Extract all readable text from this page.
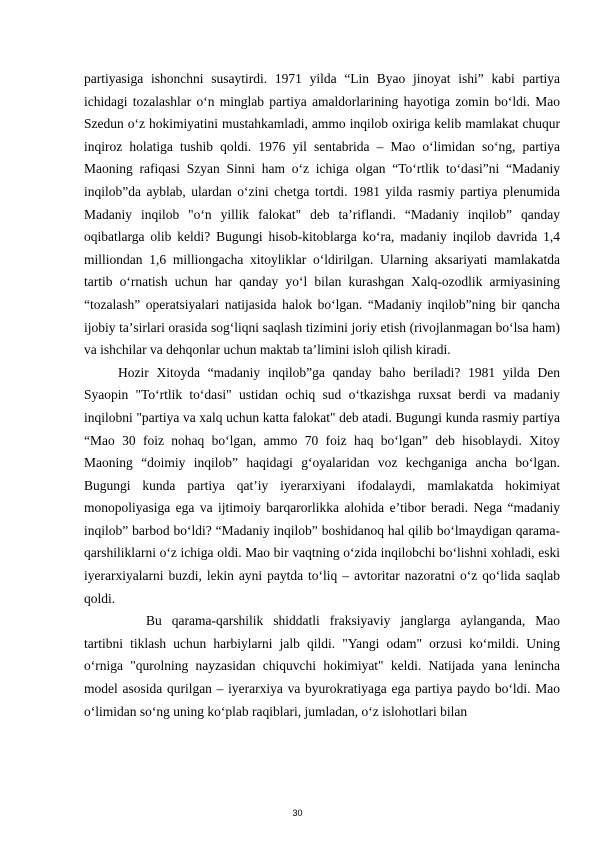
partiyasiga ishonchni susaytirdi. 1971 yilda “Lin Byao jinoyat ishi” kabi partiya ichidagi tozalashlar o‘n minglab partiya amaldorlarining hayotiga zomin bo‘ldi. Mao Szedun o‘z hokimiyatini mustahkamladi, ammo inqilob oxiriga kelib mamlakat chuqur inqiroz holatiga tushib qoldi. 1976 yil sentabrida – Mao o‘limidan so‘ng, partiya Maoning rafiqasi Szyan Sinni ham o‘z ichiga olgan “To‘rtlik to‘dasi”ni “Madaniy inqilob”da ayblab, ulardan o‘zini chetga tortdi. 1981 yilda rasmiy partiya plenumida Madaniy inqilob "o‘n yillik falokat" deb taʼriflandi. “Madaniy inqilob” qanday oqibatlarga olib keldi? Bugungi hisob-kitoblarga ko‘ra, madaniy inqilob davrida 1,4 milliondan 1,6 milliongacha xitoyliklar o‘ldirilgan. Ularning aksariyati mamlakatda tartib o‘rnatish uchun har qanday yo‘l bilan kurashgan Xalq-ozodlik armiyasining “tozalash” operatsiyalari natijasida halok bo‘lgan. “Madaniy inqilob”ning bir qancha ijobiy taʼsirlari orasida sog‘liqni saqlash tizimini joriy etish (rivojlanmagan bo‘lsa ham) va ishchilar va dehqonlar uchun maktab taʼlimini isloh qilish kiradi.

Hozir Xitoyda “madaniy inqilob”ga qanday baho beriladi? 1981 yilda Den Syaopin "To‘rtlik to‘dasi" ustidan ochiq sud o‘tkazishga ruxsat berdi va madaniy inqilobni "partiya va xalq uchun katta falokat" deb atadi. Bugungi kunda rasmiy partiya “Mao 30 foiz nohaq bo‘lgan, ammo 70 foiz haq bo‘lgan” deb hisoblaydi. Xitoy Maoning “doimiy inqilob” haqidagi g‘oyalaridan voz kechganiga ancha bo‘lgan. Bugungi kunda partiya qatʼiy iyerarxiyani ifodalaydi, mamlakatda hokimiyat monopoliyasiga ega va ijtimoiy barqarorlikka alohida eʼtibor beradi. Nega “madaniy inqilob” barbod bo‘ldi? “Madaniy inqilob” boshidanoq hal qilib bo‘lmaydigan qarama-qarshiliklarni o‘z ichiga oldi. Mao bir vaqtning o‘zida inqilobchi bo‘lishni xohladi, eski iyerarxiyalarni buzdi, lekin ayni paytda to‘liq – avtoritar nazoratni o‘z qo‘lida saqlab qoldi.

Bu qarama-qarshilik shiddatli fraksiyaviy janglarga aylanganda, Mao tartibni tiklash uchun harbiylarni jalb qildi. "Yangi odam" orzusi ko‘mildi. Uning o‘rniga "qurolning nayzasidan chiquvchi hokimiyat" keldi. Natijada yana lenincha model asosida qurilgan – iyerarxiya va byurokratiyaga ega partiya paydo bo‘ldi. Mao o‘limidan so‘ng uning ko‘plab raqiblari, jumladan, o‘z islohotlari bilan

30
